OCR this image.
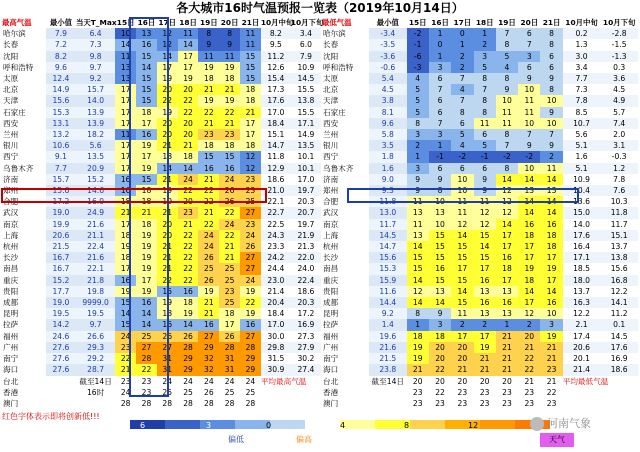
各大城市16时气温预报一览表（2019年10月14日）
最高气温	最小值	当天T_Max	15日	16日	17日	18日	19日	20日	21日	10月中旬	10月下旬
哈尔滨	7.9	6.4	10	13	12	11	8	8	11	8.2	3.4
长春	7.2	7.3	14	16	12	14	9	9	11	9.5	6.0
沈阳	8.2	9.8	11	15	14	17	11	11	15	11.2	7.9
呼和浩特	9.6	9.7	13	14	17	17	19	19	15	12.6	10.9
太原	12.4	9.2	13	15	19	19	18	18	15	15.4	14.5
北京	14.9	15.7	17	15	20	20	21	21	18	17.3	15.5
天津	15.6	14.0	17	15	22	22	19	19	18	17.6	13.8
石家庄	15.3	13.9	17	18	19	22	22	22	21	17.0	15.5
西安	13.1	13.9	17	17	20	20	21	21	17	18.4	17.1
兰州	13.2	18.2	11	16	20	20	23	23	17	15.1	14.9
银川	10.6	5.6	17	19	21	21	18	18	18	14.7	13.5
西宁	9.1	13.5	17	17	18	18	15	15	12	11.8	10.1
乌鲁木齐	7.7	20.9	17	19	14	14	16	16	12	12.9	10.1
济南	15.7	15.2	16	15	21	24	21	24	23	18.6	17.0
郑州	15.6	14.6	16	18	19	22	22	26	23	21.0	19.7
合肥	17.2	16.9	18	18	19	20	22	26	25	22.1	20.3
武汉	19.0	24.9	21	21	21	23	21	22	27	22.7	20.7
南京	19.9	21.6	17	18	20	21	22	24	23	22.5	19.7
上海	20.6	21.1	18	19	20	22	24	22	24	24.3	21.9
杭州	21.5	22.4	19	19	21	22	24	21	26	23.3	21.3
长沙	16.7	21.6	18	19	21	22	26	21	27	24.2	22.0
南昌	16.7	22.1	17	19	21	22	25	25	27	24.4	24.0
重庆	15.2	21.8	16	17	22	22	26	25	24	23.0	22.4
贵阳	17.7	19.8	19	19	15	16	19	23	19	21.4	18.6
成都	19.0	9999.0	15	16	19	18	21	25	22	20.4	20.3
昆明	19.5	19.5	14	14	18	19	21	18	19	18.4	17.2
拉萨	14.2	9.7	15	14	16	14	16	17	16	17.0	16.9
福州	24.6	26.6	24	25	26	26	27	26	27	30.0	27.3
广州	27.6	29.3	23	27	27	28	29	28	28	29.8	27.9
南宁	27.6	29.2	22	28	31	29	32	31	29	31.5	30.2
海口	27.6	28.7	21	22	31	29	32	31	29	30.9	27.4
台北		截至14日	23	23	24	24	24	24	24	平均最高气温	
香港		16时	24	23	25	25	26	25	25		
澳门			28	28	28	28	28	28	28		
最低气温	最小值	15日	16日	17日	18日	19日	20日	21日	10月中旬	10月下旬
哈尔滨	-3.4	-2	1	0	1	7	6	8	0.2	-2.8
长春	-3.5	-1	0	1	2	8	7	8	1.3	-1.5
沈阳	-3.6	-6	1	2	3	5	3	6	3.0	-1.3
呼和浩特	-0.6	-3	3	2	5	4	6	6	3.4	0.3
太原	5.4	4	6	7	8	8	9	9	7.7	3.6
北京	4.5	5	7	4	7	9	10	8	7.3	4.5
天津	3.8	5	6	7	8	10	11	10	7.8	4.9
石家庄	8.1	5	6	8	8	11	11	9	8.5	5.7
西安	9.6	8	7	6	11	11	10	10	10.7	7.4
兰州	5.8	3	3	5	6	8	7	7	5.6	2.0
银川	3.5	2	1	4	5	7	9	9	5.1	3.1
西宁	1.8	1	-1	-2	-1	-2	-2	2	1.6	-0.3
乌鲁木齐	1.6	3	6	6	6	8	10	11	5.1	1.2
济南	9.0	9	9	10	9	14	14	14	10.9	7.8
郑州	9.3	9	8	10	9	12	13	13	10.4	7.6
合肥	11.8	11	10	11	11	12	14	14	13.6	10.3
武汉	13.0	13	13	11	12	12	14	14	15.0	11.8
南京	11.7	11	10	12	12	14	16	16	14.0	11.7
上海	14.5	13	15	14	15	17	18	18	17.6	15.1
杭州	14.7	14	15	15	14	17	17	18	16.4	13.7
长沙	15.6	15	15	15	15	16	17	17	17.1	13.8
南昌	15.3	15	16	17	17	18	19	19	18.5	15.6
重庆	15.9	14	15	15	16	17	18	17	18.0	16.8
贵阳	11.6	12	13	14	13	13	14	14	13.7	12.2
成都	14.4	14	14	15	16	16	17	16	16.3	14.1
昆明	9.2	8	9	11	13	13	12	10	12.2	11.2
拉萨	1.4	1	3	2	2	1	2	3	2.1	0.1
福州	19.6	18	18	17	17	21	20	19	17.4	14.5
广州	21.6	19	20	20	19	21	21	21	20.6	17.6
南宁	21.5	19	20	20	21	21	22	21	20.1	16.9
海口	23.8	21	22	21	21	21	22	23	21.4	18.6
台北	截至14日	20	20	20	20	20	21	21	平均最低气温	
香港		23	22	23	23	23	23	22		
澳门		23	23	23	23	23	23	23		
红色字体表示即将创新低!!!
6	3	0	4	8	12
偏低	偏高
河南气象
天气
